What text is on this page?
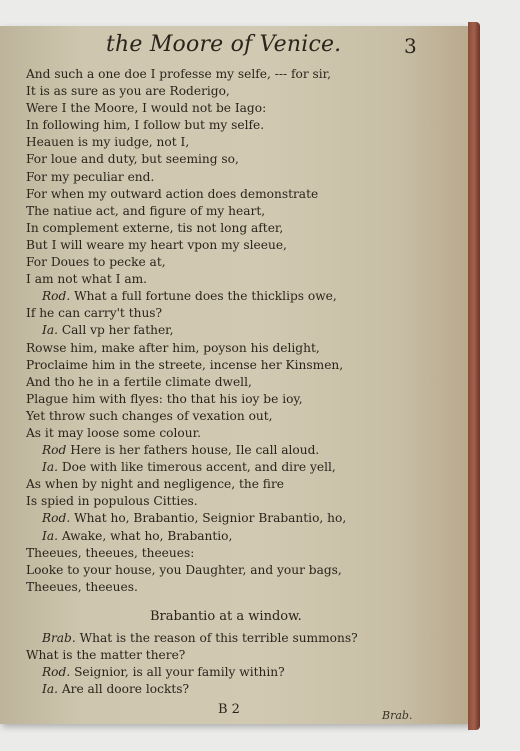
the Moore of Venice.	3
And such a one doe I professe my selfe, --- for sir,
It is as sure as you are Roderigo,
Were I the Moore, I would not be Iago:
In following him, I follow but my selfe.
Heauen is my iudge, not I,
For loue and duty, but seeming so,
For my peculiar end.
For when my outward action does demonstrate
The natiue act, and figure of my heart,
In complement externe, tis not long after,
But I will weare my heart vpon my sleeue,
For Doues to pecke at,
I am not what I am.
Rod. What a full fortune does the thicklips owe,
If he can carry't thus?
Ia. Call vp her father,
Rowse him, make after him, poyson his delight,
Proclaime him in the streete, incense her Kinsmen,
And tho he in a fertile climate dwell,
Plague him with flyes: tho that his ioy be ioy,
Yet throw such changes of vexation out,
As it may loose some colour.
Rod Here is her fathers house, Ile call aloud.
Ia. Doe with like timerous accent, and dire yell,
As when by night and negligence, the fire
Is spied in populous Citties.
Rod. What ho, Brabantio, Seignior Brabantio, ho,
Ia. Awake, what ho, Brabantio,
Theeues, theeues, theeues:
Looke to your house, you Daughter, and your bags,
Theeues, theeues.
Brabantio at a window.
Brab. What is the reason of this terrible summons?
What is the matter there?
Rod. Seignior, is all your family within?
Ia. Are all doore lockts?
B 2	Brab.
